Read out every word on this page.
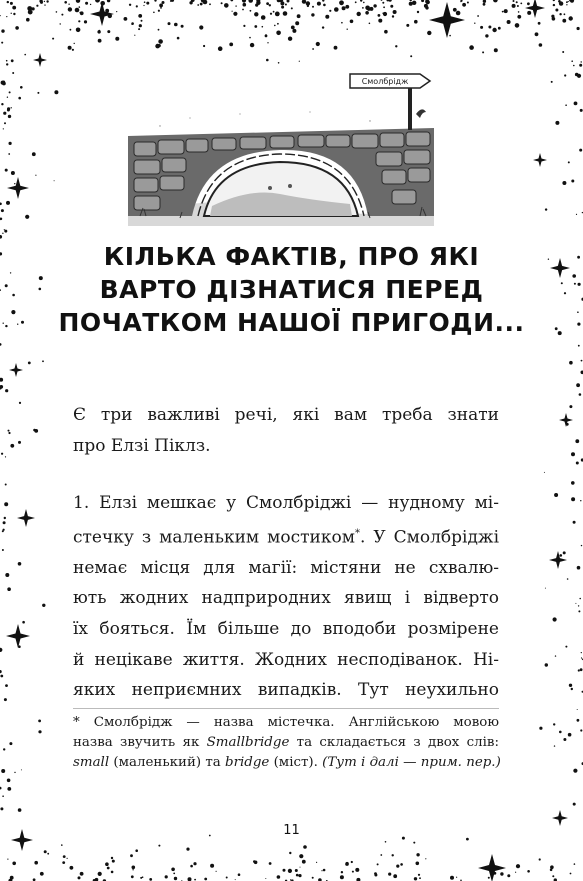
Смолбрідж
КІЛЬКА ФАКТІВ, ПРО ЯКІ
ВАРТО ДІЗНАТИСЯ ПЕРЕД
ПОЧАТКОМ НАШОЇ ПРИГОДИ...
Є три важливі речі, які вам треба знати
про Елзі Піклз.
1. Елзі мешкає у Смолбріджі — нудному мі-
стечку з маленьким мостиком*. У Смолбріджі
немає місця для магії: містяни не схвалю-
ють жодних надприродних явищ і відверто
їх бояться. Їм більше до вподоби розмірене
й нецікаве життя. Жодних несподіванок. Ні-
яких неприємних випадків. Тут неухильно
* Смолбрідж — назва містечка. Англійською мовою
назва звучить як Smallbridge та складається з двох слів:
small (маленький) та bridge (міст). (Тут і далі — прим. пер.)
11
